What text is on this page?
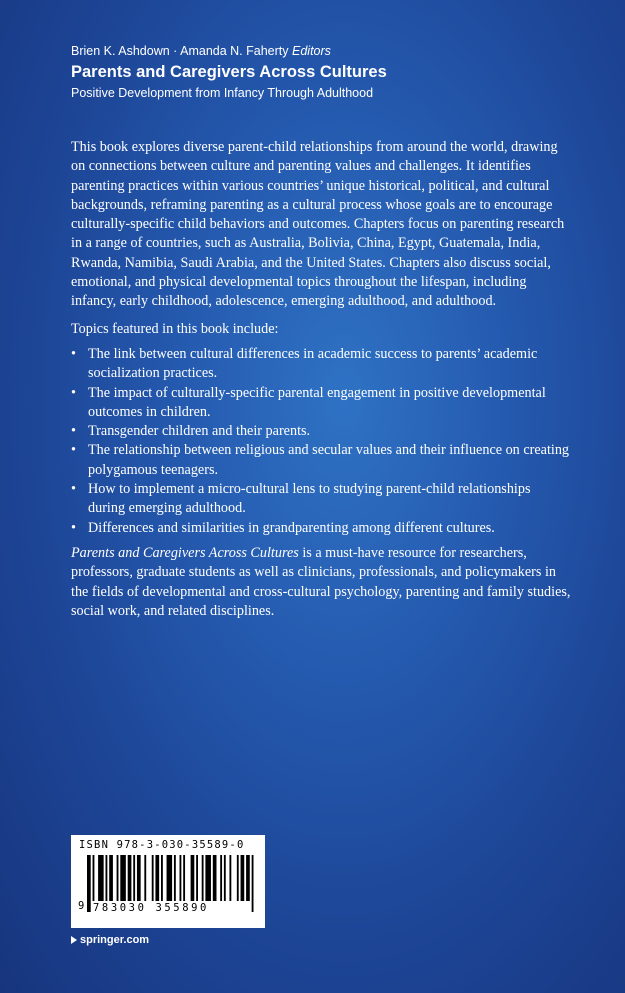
Brien K. Ashdown · Amanda N. Faherty Editors
Parents and Caregivers Across Cultures
Positive Development from Infancy Through Adulthood

This book explores diverse parent-child relationships from around the world, drawing on connections between culture and parenting values and challenges. It identifies parenting practices within various countries’ unique historical, political, and cultural backgrounds, reframing parenting as a cultural process whose goals are to encourage culturally-specific child behaviors and outcomes. Chapters focus on parenting research in a range of countries, such as Australia, Bolivia, China, Egypt, Guatemala, India, Rwanda, Namibia, Saudi Arabia, and the United States. Chapters also discuss social, emotional, and physical developmental topics throughout the lifespan, including infancy, early childhood, adolescence, emerging adulthood, and adulthood.

Topics featured in this book include:

• The link between cultural differences in academic success to parents’ academic socialization practices.
• The impact of culturally-specific parental engagement in positive developmental outcomes in children.
• Transgender children and their parents.
• The relationship between religious and secular values and their influence on creating polygamous teenagers.
• How to implement a micro-cultural lens to studying parent-child relationships during emerging adulthood.
• Differences and similarities in grandparenting among different cultures.

Parents and Caregivers Across Cultures is a must-have resource for researchers, professors, graduate students as well as clinicians, professionals, and policymakers in the fields of developmental and cross-cultural psychology, parenting and family studies, social work, and related disciplines.

ISBN 978-3-030-35589-0
9 783030 355890
springer.com
